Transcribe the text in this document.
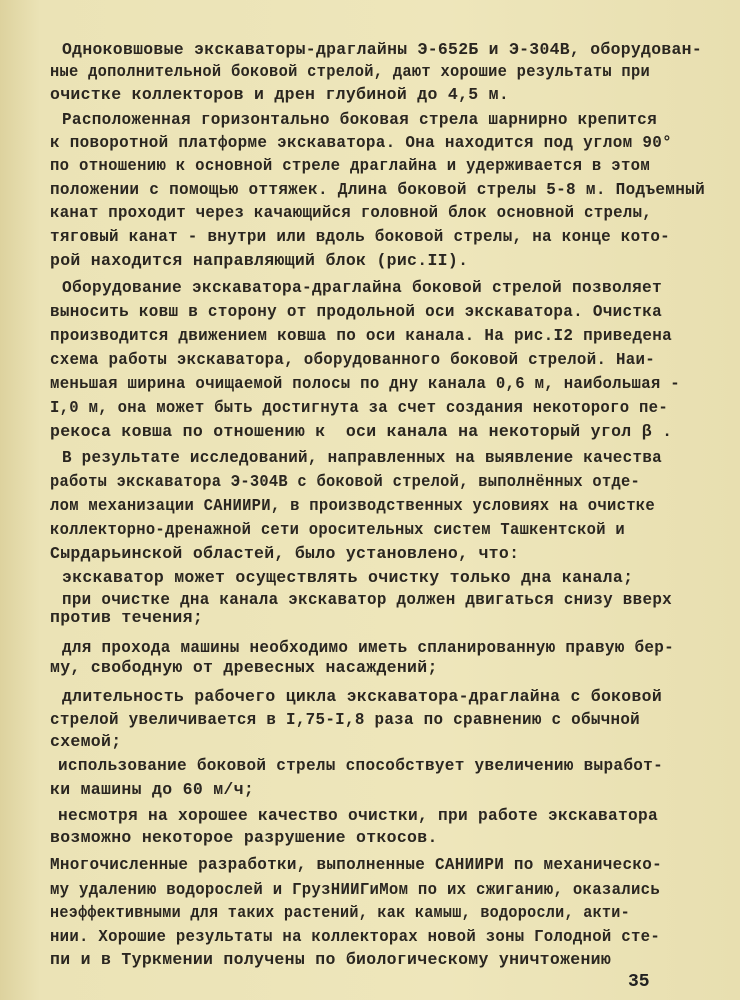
Одноковшовые экскаваторы-драглайны Э-652Б и Э-304В, оборудован-
ные дополнительной боковой стрелой, дают хорошие результаты при
очистке коллекторов и дрен глубиной до 4,5 м.
Расположенная горизонтально боковая стрела шарнирно крепится
к поворотной платформе экскаватора. Она находится под углом 90°
по отношению к основной стреле драглайна и удерживается в этом
положении с помощью оттяжек. Длина боковой стрелы 5-8 м. Подъемный
канат проходит через качающийся головной блок основной стрелы,
тяговый канат - внутри или вдоль боковой стрелы, на конце кото-
рой находится направляющий блок (рис.II).
Оборудование экскаватора-драглайна боковой стрелой позволяет
выносить ковш в сторону от продольной оси экскаватора. Очистка
производится движением ковша по оси канала. На рис.I2 приведена
схема работы экскаватора, оборудованного боковой стрелой. Наи-
меньшая ширина очищаемой полосы по дну канала 0,6 м, наибольшая -
I,0 м, она может быть достигнута за счет создания некоторого пе-
рекоса ковша по отношению к  оси канала на некоторый угол β .
В результате исследований, направленных на выявление качества
работы экскаватора Э-304В с боковой стрелой, выполнённых отде-
лом механизации САНИИРИ, в производственных условиях на очистке
коллекторно-дренажной сети оросительных систем Ташкентской и
Сырдарьинской областей, было установлено, что:
экскаватор может осуществлять очистку только дна канала;
при очистке дна канала экскаватор должен двигаться снизу вверх
против течения;
для прохода машины необходимо иметь спланированную правую бер-
му, свободную от древесных насаждений;
длительность рабочего цикла экскаватора-драглайна с боковой
стрелой увеличивается в I,75-I,8 раза по сравнению с обычной
схемой;
использование боковой стрелы способствует увеличению выработ-
ки машины до 60 м/ч;
несмотря на хорошее качество очистки, при работе экскаватора
возможно некоторое разрушение откосов.
Многочисленные разработки, выполненные САНИИРИ по механическо-
му удалению водорослей и ГрузНИИГиМом по их сжиганию, оказались
неэффективными для таких растений, как камыш, водоросли, акти-
нии. Хорошие результаты на коллекторах новой зоны Голодной сте-
пи и в Туркмении получены по биологическому уничтожению
35
